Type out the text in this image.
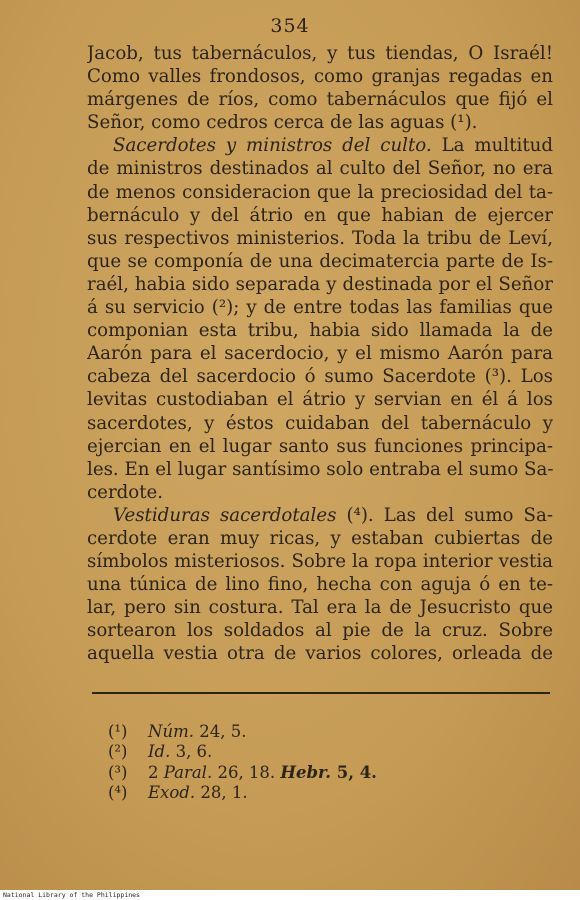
354
Jacob, tus tabernáculos, y tus tiendas, O Israél!
Como valles frondosos, como granjas regadas en
márgenes de ríos, como tabernáculos que fijó el
Señor, como cedros cerca de las aguas (¹).
Sacerdotes y ministros del culto. La multitud
de ministros destinados al culto del Señor, no era
de menos consideracion que la preciosidad del ta-
bernáculo y del átrio en que habian de ejercer
sus respectivos ministerios. Toda la tribu de Leví,
que se componía de una decimatercia parte de Is-
raél, habia sido separada y destinada por el Señor
á su servicio (²); y de entre todas las familias que
componian esta tribu, habia sido llamada la de
Aarón para el sacerdocio, y el mismo Aarón para
cabeza del sacerdocio ó sumo Sacerdote (³). Los
levitas custodiaban el átrio y servian en él á los
sacerdotes, y éstos cuidaban del tabernáculo y
ejercian en el lugar santo sus funciones principa-
les. En el lugar santísimo solo entraba el sumo Sa-
cerdote.
Vestiduras sacerdotales (⁴). Las del sumo Sa-
cerdote eran muy ricas, y estaban cubiertas de
símbolos misteriosos. Sobre la ropa interior vestia
una túnica de lino fino, hecha con aguja ó en te-
lar, pero sin costura. Tal era la de Jesucristo que
sortearon los soldados al pie de la cruz. Sobre
aquella vestia otra de varios colores, orleada de
(¹) Núm. 24, 5.
(²) Id. 3, 6.
(³) 2 Paral. 26, 18. Hebr. 5, 4.
(⁴) Exod. 28, 1.
National Library of the Philippines
